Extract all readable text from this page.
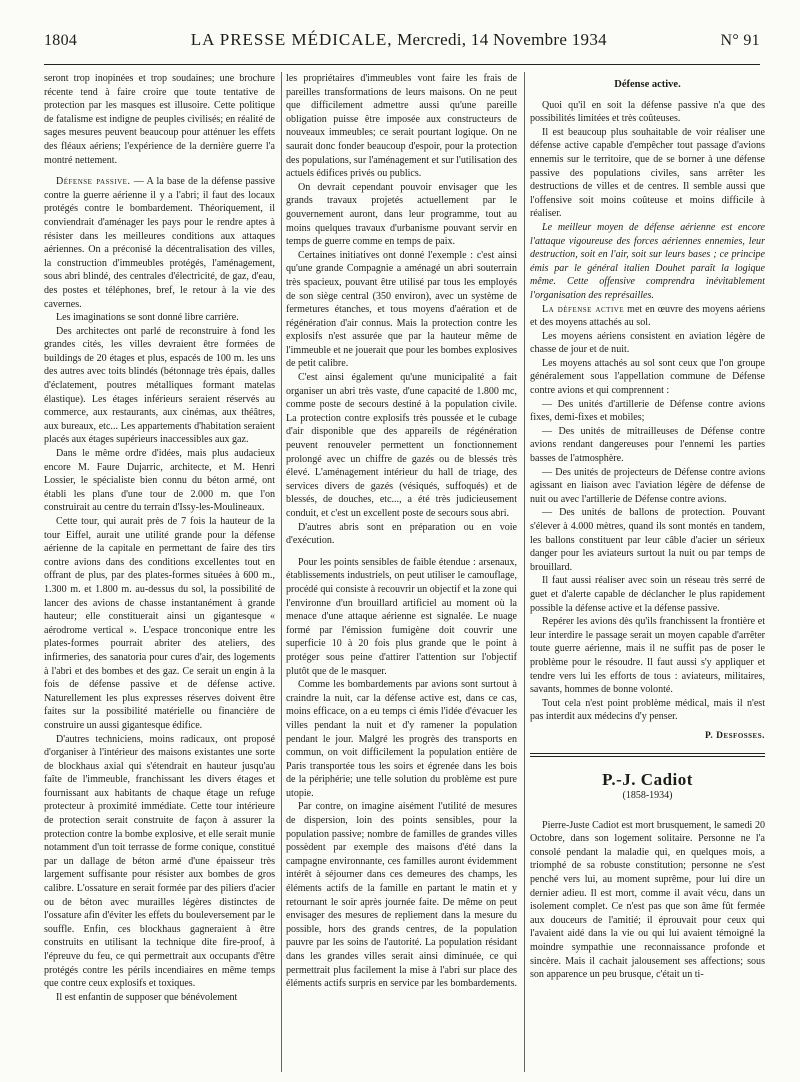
1804	LA PRESSE MÉDICALE, Mercredi, 14 Novembre 1934	N° 91

seront trop inopinées et trop soudaines; une brochure récente tend à faire croire que toute tentative de protection par les masques est illusoire. Cette politique de fatalisme est indigne de peuples civilisés; en réalité de sages mesures peuvent beaucoup pour atténuer les effets des fléaux aériens; l'expérience de la dernière guerre l'a montré nettement.

Défense passive. — A la base de la défense passive contre la guerre aérienne il y a l'abri; il faut des locaux protégés contre le bombardement. Théoriquement, il conviendrait d'aménager les pays pour le rendre aptes à résister dans les meilleures conditions aux attaques aériennes. On a préconisé la décentralisation des villes, la construction d'immeubles protégés, l'aménagement, sous abri blindé, des centrales d'électricité, de gaz, d'eau, des postes et téléphones, bref, le retour à la vie des cavernes.

Les imaginations se sont donné libre carrière.

Des architectes ont parlé de reconstruire à fond les grandes cités, les villes devraient être formées de buildings de 20 étages et plus, espacés de 100 m. les uns des autres avec toits blindés (bétonnage très épais, dalles d'éclatement, poutres métalliques formant matelas élastique). Les étages inférieurs seraient réservés au commerce, aux restaurants, aux cinémas, aux théâtres, aux bureaux, etc... Les appartements d'habitation seraient placés aux étages supérieurs inaccessibles aux gaz.

Dans le même ordre d'idées, mais plus audacieux encore M. Faure Dujarric, architecte, et M. Henri Lossier, le spécialiste bien connu du béton armé, ont établi les plans d'une tour de 2.000 m. que l'on construirait au centre du terrain d'Issy-les-Moulineaux.

Cette tour, qui aurait près de 7 fois la hauteur de la tour Eiffel, aurait une utilité grande pour la défense aérienne de la capitale en permettant de faire des tirs contre avions dans des conditions excellentes tout en offrant de plus, par des plates-formes situées à 600 m., 1.300 m. et 1.800 m. au-dessus du sol, la possibilité de lancer des avions de chasse instantanément à grande hauteur; elle constituerait ainsi un gigantesque « aérodrome vertical ». L'espace tronconique entre les plates-formes pourrait abriter des ateliers, des infirmeries, des sanatoria pour cures d'air, des logements à l'abri et des bombes et des gaz. Ce serait un engin à la fois de défense passive et de défense active. Naturellement les plus expresses réserves doivent être faites sur la possibilité matérielle ou financière de construire un aussi gigantesque édifice.

D'autres techniciens, moins radicaux, ont proposé d'organiser à l'intérieur des maisons existantes une sorte de blockhaus axial qui s'étendrait en hauteur jusqu'au faîte de l'immeuble, franchissant les divers étages et fournissant aux habitants de chaque étage un refuge protecteur à proximité immédiate. Cette tour intérieure de protection serait construite de façon à assurer la protection contre la bombe explosive, et elle serait munie notamment d'un toit terrasse de forme conique, constitué par un dallage de béton armé d'une épaisseur très largement suffisante pour résister aux bombes de gros calibre. L'ossature en serait formée par des piliers d'acier ou de béton avec murailles légères distinctes de l'ossature afin d'éviter les effets du bouleversement par le souffle. Enfin, ces blockhaus gagneraient à être construits en utilisant la technique dite fire-proof, à l'épreuve du feu, ce qui permettrait aux occupants d'être protégés contre les périls incendiaires en même temps que contre ceux explosifs et toxiques.

Il est enfantin de supposer que bénévolement

les propriétaires d'immeubles vont faire les frais de pareilles transformations de leurs maisons. On ne peut que difficilement admettre aussi qu'une pareille obligation puisse être imposée aux constructeurs de nouveaux immeubles; ce serait pourtant logique. On ne saurait donc fonder beaucoup d'espoir, pour la protection des populations, sur l'aménagement et sur l'utilisation des actuels édifices privés ou publics.

On devrait cependant pouvoir envisager que les grands travaux projetés actuellement par le gouvernement auront, dans leur programme, tout au moins quelques travaux d'urbanisme pouvant servir en temps de guerre comme en temps de paix.

Certaines initiatives ont donné l'exemple : c'est ainsi qu'une grande Compagnie a aménagé un abri souterrain très spacieux, pouvant être utilisé par tous les employés de son siège central (350 environ), avec un système de fermetures étanches, et tous moyens d'aération et de régénération d'air connus. Mais la protection contre les explosifs n'est assurée que par la hauteur même de l'immeuble et ne jouerait que pour les bombes explosives de petit calibre.

C'est ainsi également qu'une municipalité a fait organiser un abri très vaste, d'une capacité de 1.800 mc, comme poste de secours destiné à la population civile. La protection contre explosifs très poussée et le cubage d'air disponible que des appareils de régénération peuvent renouveler permettent un fonctionnement prolongé avec un chiffre de gazés ou de blessés très élevé. L'aménagement intérieur du hall de triage, des services divers de gazés (vésiqués, suffoqués) et de blessés, de douches, etc..., a été très judicieusement conduit, et c'est un excellent poste de secours sous abri.

D'autres abris sont en préparation ou en voie d'exécution.

Pour les points sensibles de faible étendue : arsenaux, établissements industriels, on peut utiliser le camouflage, procédé qui consiste à recouvrir un objectif et la zone qui l'environne d'un brouillard artificiel au moment où la menace d'une attaque aérienne est signalée. Le nuage formé par l'émission fumigène doit couvrir une superficie 10 à 20 fois plus grande que le point à protéger sous peine d'attirer l'attention sur l'objectif plutôt que de le masquer.

Comme les bombardements par avions sont surtout à craindre la nuit, car la défense active est, dans ce cas, moins efficace, on a eu temps ci émis l'idée d'évacuer les villes pendant la nuit et d'y ramener la population pendant le jour. Malgré les progrès des transports en commun, on voit difficilement la population entière de Paris transportée tous les soirs et égrenée dans les bois de la périphérie; une telle solution du problème est pure utopie.

Par contre, on imagine aisément l'utilité de mesures de dispersion, loin des points sensibles, pour la population passive; nombre de familles de grandes villes possèdent par exemple des maisons d'été dans la campagne environnante, ces familles auront évidemment intérêt à séjourner dans ces demeures des champs, les éléments actifs de la famille en partant le matin et y retournant le soir après journée faite. De même on peut envisager des mesures de repliement dans la mesure du possible, hors des grands centres, de la population pauvre par les soins de l'autorité. La population résidant dans les grandes villes serait ainsi diminuée, ce qui permettrait plus facilement la mise à l'abri sur place des éléments actifs surpris en service par les bombardements.

Défense active.

Quoi qu'il en soit la défense passive n'a que des possibilités limitées et très coûteuses.

Il est beaucoup plus souhaitable de voir réaliser une défense active capable d'empêcher tout passage d'avions ennemis sur le territoire, que de se borner à une défense passive des populations civiles, sans arrêter les destructions de villes et de centres. Il semble aussi que l'offensive soit moins coûteuse et moins difficile à réaliser.

Le meilleur moyen de défense aérienne est encore l'attaque vigoureuse des forces aériennes ennemies, leur destruction, soit en l'air, soit sur leurs bases ; ce principe émis par le général italien Douhet paraît la logique même. Cette offensive comprendra inévitablement l'organisation des représailles.

La défense active met en œuvre des moyens aériens et des moyens attachés au sol.

Les moyens aériens consistent en aviation légère de chasse de jour et de nuit.

Les moyens attachés au sol sont ceux que l'on groupe généralement sous l'appellation commune de Défense contre avions et qui comprennent :

— Des unités d'artillerie de Défense contre avions fixes, demi-fixes et mobiles;

— Des unités de mitrailleuses de Défense contre avions rendant dangereuses pour l'ennemi les parties basses de l'atmosphère.

— Des unités de projecteurs de Défense contre avions agissant en liaison avec l'aviation légère de défense de nuit ou avec l'artillerie de Défense contre avions.

— Des unités de ballons de protection. Pouvant s'élever à 4.000 mètres, quand ils sont montés en tandem, les ballons constituent par leur câble d'acier un sérieux danger pour les aviateurs surtout la nuit ou par temps de brouillard.

Il faut aussi réaliser avec soin un réseau très serré de guet et d'alerte capable de déclancher le plus rapidement possible la défense active et la défense passive.

Repérer les avions dès qu'ils franchissent la frontière et leur interdire le passage serait un moyen capable d'arrêter toute guerre aérienne, mais il ne suffit pas de poser le problème pour le résoudre. Il faut aussi s'y appliquer et tendre vers lui les efforts de tous : aviateurs, militaires, savants, hommes de bonne volonté.

Tout cela n'est point problème médical, mais il n'est pas interdit aux médecins d'y penser.

P. Desfosses.
P.-J. Cadiot
(1858-1934)

Pierre-Juste Cadiot est mort brusquement, le samedi 20 Octobre, dans son logement solitaire. Personne ne l'a consolé pendant la maladie qui, en quelques mois, a triomphé de sa robuste constitution; personne ne s'est penché vers lui, au moment suprême, pour lui dire un dernier adieu. Il est mort, comme il avait vécu, dans un isolement complet. Ce n'est pas que son âme fût fermée aux douceurs de l'amitié; il éprouvait pour ceux qui l'avaient aidé dans la vie ou qui lui avaient témoigné la moindre sympathie une reconnaissance profonde et sincère. Mais il cachait jalousement ses affections; sous son apparence un peu brusque, c'était un ti-
